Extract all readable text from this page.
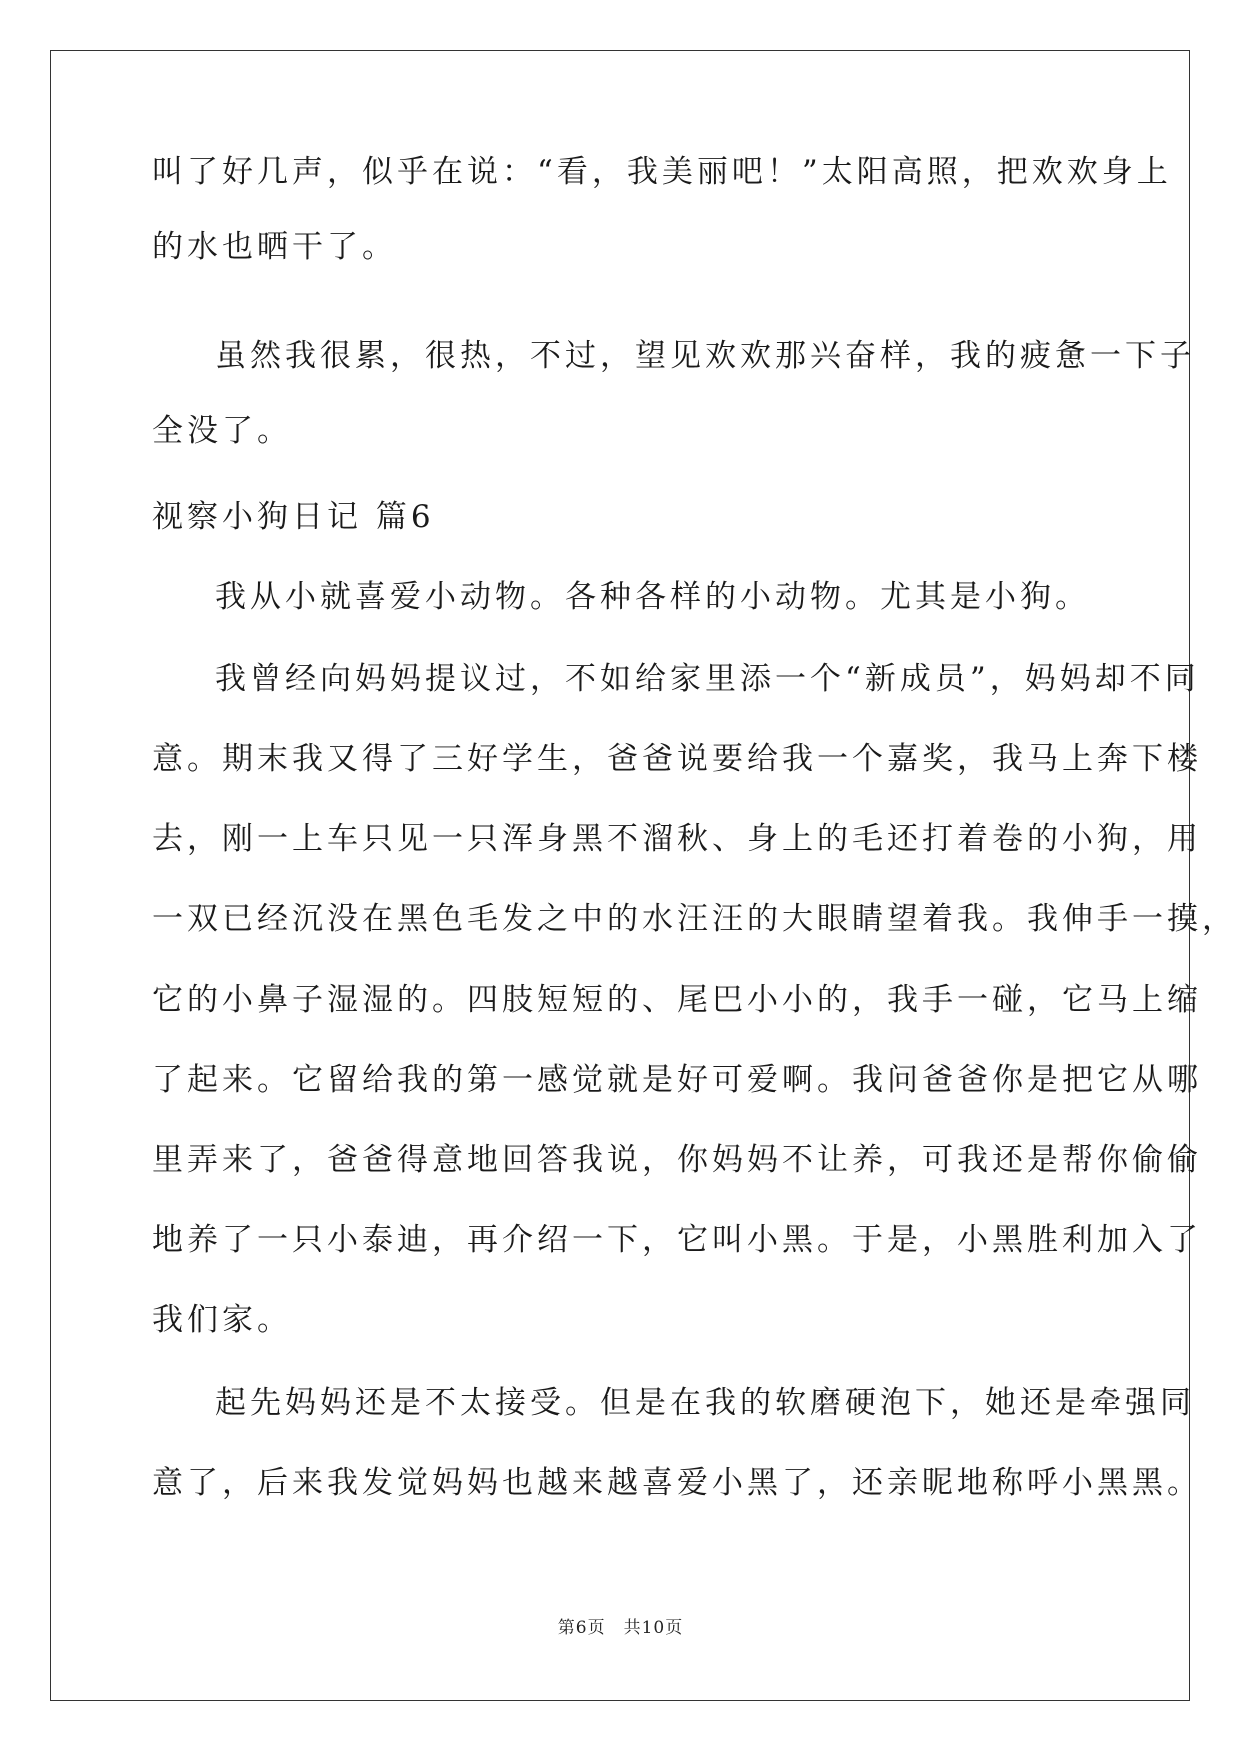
叫了好几声，似乎在说：“看，我美丽吧！”太阳高照，把欢欢身上
的水也晒干了。
虽然我很累，很热，不过，望见欢欢那兴奋样，我的疲惫一下子
全没了。
视察小狗日记 篇6
我从小就喜爱小动物。各种各样的小动物。尤其是小狗。
我曾经向妈妈提议过，不如给家里添一个“新成员”，妈妈却不同
意。期末我又得了三好学生，爸爸说要给我一个嘉奖，我马上奔下楼
去，刚一上车只见一只浑身黑不溜秋、身上的毛还打着卷的小狗，用
一双已经沉没在黑色毛发之中的水汪汪的大眼睛望着我。我伸手一摸，
它的小鼻子湿湿的。四肢短短的、尾巴小小的，我手一碰，它马上缩
了起来。它留给我的第一感觉就是好可爱啊。我问爸爸你是把它从哪
里弄来了，爸爸得意地回答我说，你妈妈不让养，可我还是帮你偷偷
地养了一只小泰迪，再介绍一下，它叫小黑。于是，小黑胜利加入了
我们家。
起先妈妈还是不太接受。但是在我的软磨硬泡下，她还是牵强同
意了，后来我发觉妈妈也越来越喜爱小黑了，还亲昵地称呼小黑黑。
第6页　共10页
